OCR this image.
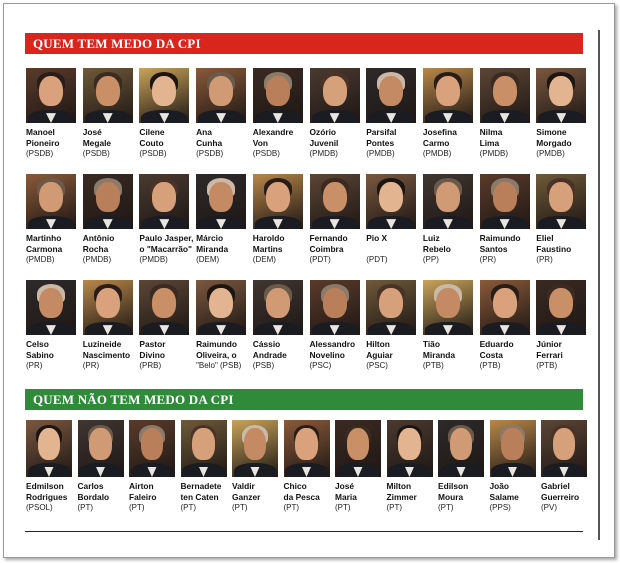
QUEM TEM MEDO DA CPI
Manoel
Pioneiro
(PSDB)
José
Megale
(PSDB)
Cilene
Couto
(PSDB)
Ana
Cunha
(PSDB)
Alexandre
Von
(PSDB)
Ozório
Juvenil
(PMDB)
Parsifal
Pontes
(PMDB)
Josefina
Carmo
(PMDB)
Nilma
Lima
(PMDB)
Simone
Morgado
(PMDB)
Martinho
Carmona
(PMDB)
Antônio
Rocha
(PMDB)
Paulo Jasper,
o "Macarrão"
(PMDB)
Márcio
Miranda
(DEM)
Haroldo
Martins
(DEM)
Fernando
Coimbra
(PDT)
Pio X

(PDT)
Luiz
Rebelo
(PP)
Raimundo
Santos
(PR)
Eliel
Faustino
(PR)
Celso
Sabino
(PR)
Luzineide
Nascimento
(PR)
Pastor
Divino
(PRB)
Raimundo
Oliveira, o
"Belo" (PSB)
Cássio
Andrade
(PSB)
Alessandro
Novelino
(PSC)
Hilton
Aguiar
(PSC)
Tião
Miranda
(PTB)
Eduardo
Costa
(PTB)
Júnior
Ferrari
(PTB)
QUEM NÃO TEM MEDO DA CPI
Edmilson
Rodrigues
(PSOL)
Carlos
Bordalo
(PT)
Airton
Faleiro
(PT)
Bernadete
ten Caten
(PT)
Valdir
Ganzer
(PT)
Chico
da Pesca
(PT)
José
Maria
(PT)
Milton
Zimmer
(PT)
Edilson
Moura
(PT)
João
Salame
(PPS)
Gabriel
Guerreiro
(PV)
